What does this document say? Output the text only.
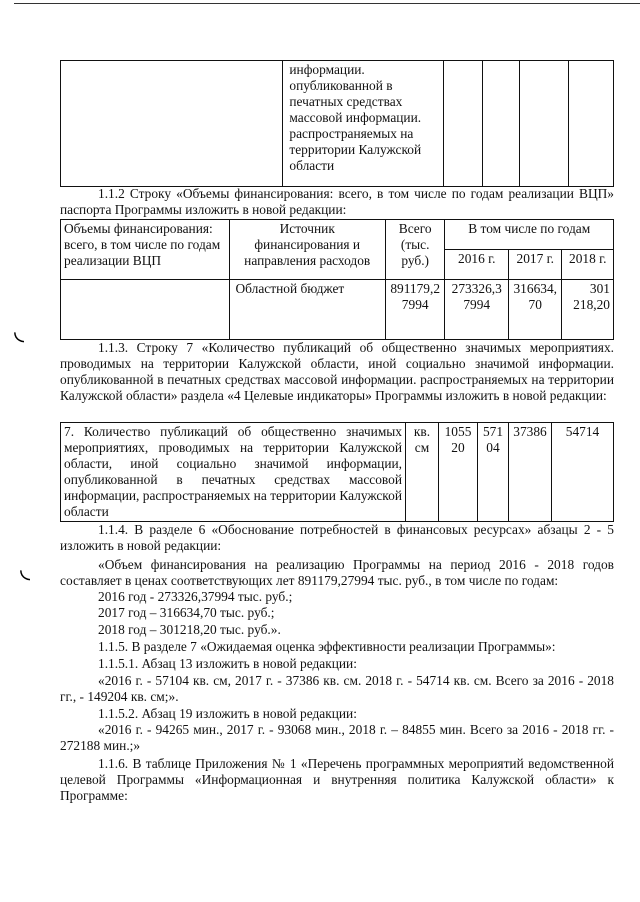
	информации. опубликованной в печатных средствах массовой информации. распространяемых на территории Калужской области				

1.1.2 Строку «Объемы финансирования: всего, в том числе по годам реализации ВЦП» паспорта Программы изложить в новой редакции:

Объемы финансирования: всего, в том числе по годам реализации ВЦП	Источник финансирования и направления расходов	Всего (тыс. руб.)	В том числе по годам		
			2016 г.	2017 г.	2018 г.
	Областной бюджет	891179,27994	273326,37994	316634,70	301 218,20
◟

1.1.3. Строку 7 «Количество публикаций об общественно значимых мероприятиях. проводимых на территории Калужской области, иной социально значимой информации. опубликованной в печатных средствах массовой информации. распространяемых на территории Калужской области» раздела «4 Целевые индикаторы» Программы изложить в новой редакции:

7. Количество публикаций об общественно значимых мероприятиях, проводимых на территории Калужской области, иной социально значимой информации, опубликованной в печатных средствах массовой информации, распространяемых на территории Калужской области	кв. см	105520	57104	37386	54714

1.1.4. В разделе 6 «Обоснование потребностей в финансовых ресурсах» абзацы 2 - 5 изложить в новой редакции:

◟	«Объем финансирования на реализацию Программы на период 2016 - 2018 годов составляет в ценах соответствующих лет 891179,27994 тыс. руб., в том числе по годам:

2016 год - 273326,37994 тыс. руб.;

2017 год – 316634,70 тыс. руб.;

2018 год – 301218,20 тыс. руб.».

1.1.5. В разделе 7 «Ожидаемая оценка эффективности реализации Программы»:

1.1.5.1. Абзац 13 изложить в новой редакции:

«2016 г. - 57104 кв. см, 2017 г. - 37386 кв. см. 2018 г. - 54714 кв. см. Всего за 2016 - 2018 гг., - 149204 кв. см;».

1.1.5.2. Абзац 19 изложить в новой редакции:

«2016 г. - 94265 мин., 2017 г. - 93068 мин., 2018 г. – 84855 мин. Всего за 2016 - 2018 гг. - 272188 мин.;»

1.1.6. В таблице Приложения № 1 «Перечень программных мероприятий ведомственной целевой Программы «Информационная и внутренняя политика Калужской области» к Программе:
